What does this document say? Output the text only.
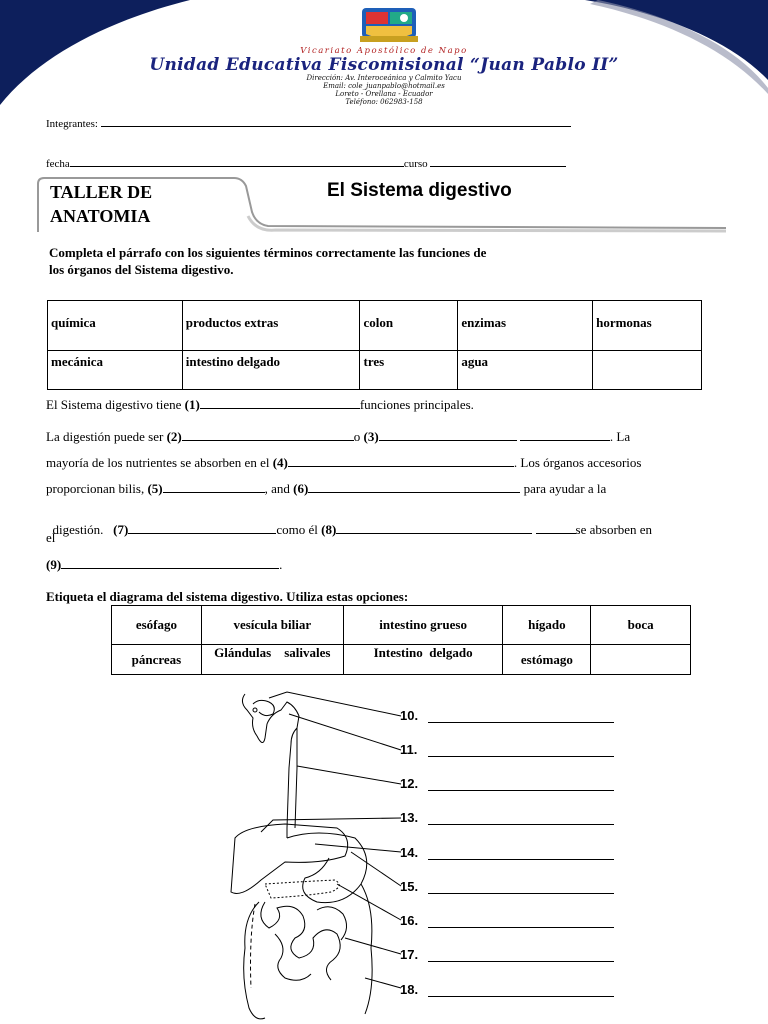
Vicariato Apostólico de Napo
Unidad Educativa Fiscomisional “Juan Pablo II”
Dirección: Av. Interoceánica y Calmito Yacu
Email: cole_juanpablo@hotmail.es
Loreto - Orellana - Ecuador
Teléfono: 062983-158
Integrantes:
fecha	curso
TALLER DE
ANATOMIA
El Sistema digestivo
Completa el párrafo con los siguientes términos correctamente las funciones de
los órganos del Sistema digestivo.
química	productos extras	colon	enzimas	hormonas
mecánica	intestino delgado	tres	agua	
El Sistema digestivo tiene (1)	funciones principales.
La digestión puede ser (2)	o (3)	. La
mayoría de los nutrientes se absorben en el (4)	. Los órganos accesorios
proporcionan bilis, (5)	, and (6)	para ayudar a la

digestión.   (7)	como él (8)	se absorben en

el
(9)	.
Etiqueta el diagrama del sistema digestivo. Utiliza estas opciones:
esófago	vesícula biliar	intestino grueso	hígado	boca
páncreas	Glándulas    salivales	Intestino  delgado	estómago	
10.
11.
12.
13.
14.
15.
16.
17.
18.
